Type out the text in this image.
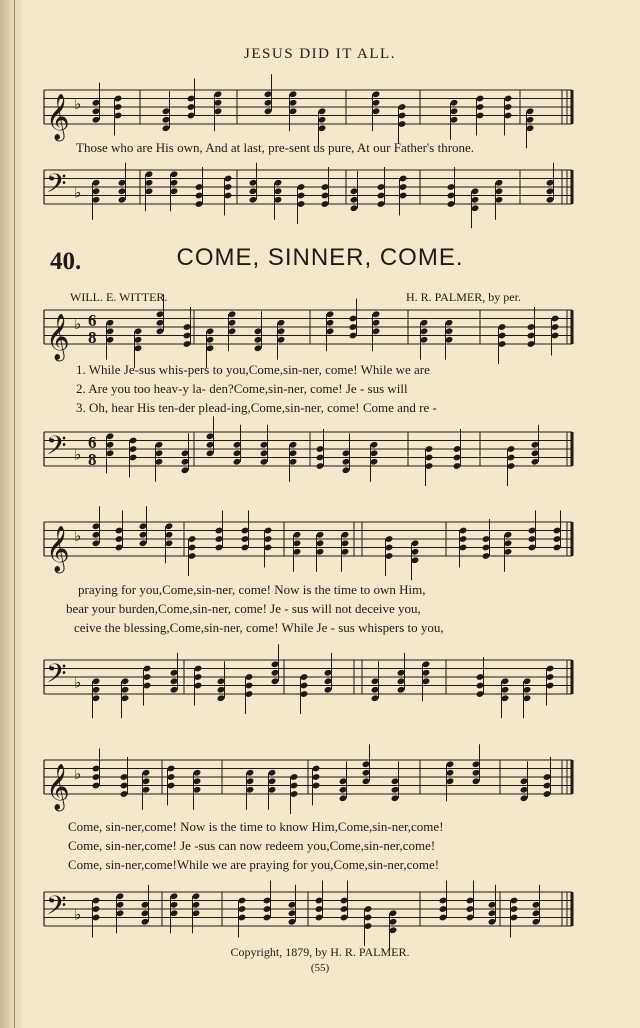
JESUS DID IT ALL.
𝄞 ♭
Those who are His own, And at last, pre-sent us pure, At our Father's throne.
𝄢 ♭
40.	COME, SINNER, COME.
WILL. E. WITTER.	H. R. PALMER, by per.
𝄞 ♭ 6
8
1. While Je-sus whis-pers to you,Come,sin-ner, come! While we are
2. Are you too heav-y la- den?Come,sin-ner, come! Je - sus will
3. Oh, hear His ten-der plead-ing,Come,sin-ner, come! Come and re -
𝄢 ♭
6
8
𝄞 ♭
praying for you,Come,sin-ner, come! Now is the time to own Him,
bear your burden,Come,sin-ner, come! Je - sus will not deceive you,
ceive the blessing,Come,sin-ner, come! While Je - sus whispers to you,
𝄢 ♭
𝄞 ♭
Come, sin-ner,come! Now is the time to know Him,Come,sin-ner,come!
Come, sin-ner,come! Je -sus can now redeem you,Come,sin-ner,come!
Come, sin-ner,come!While we are praying for you,Come,sin-ner,come!
𝄢 ♭
Copyright, 1879, by H. R. PALMER.
(55)
